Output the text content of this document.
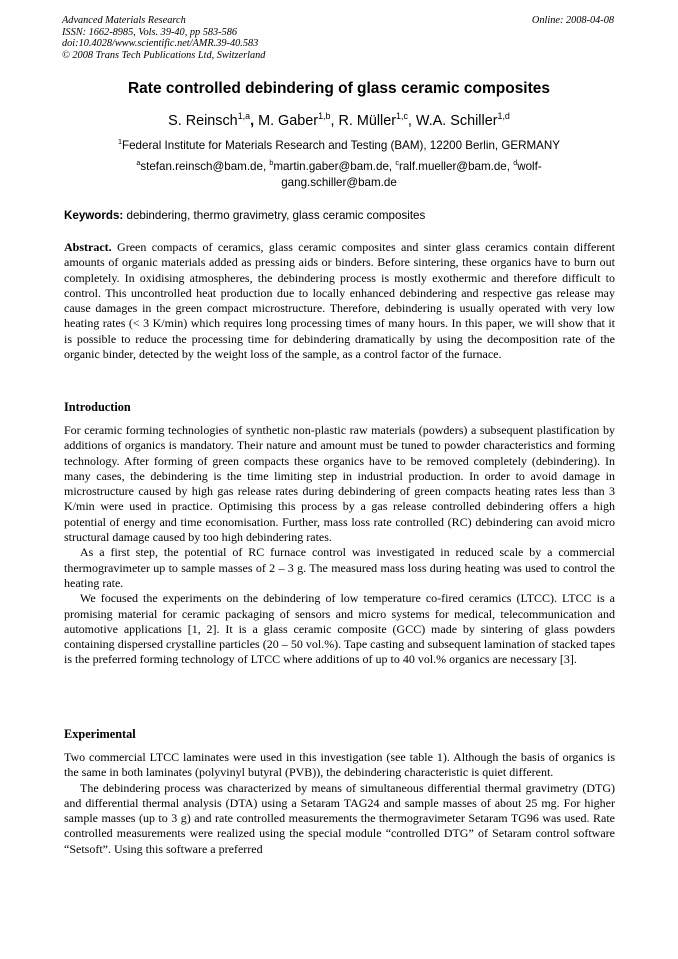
Advanced Materials Research
ISSN: 1662-8985, Vols. 39-40, pp 583-586
doi:10.4028/www.scientific.net/AMR.39-40.583
© 2008 Trans Tech Publications Ltd, Switzerland
Online: 2008-04-08
Rate controlled debindering of glass ceramic composites
S. Reinsch$^{1,a}$, M. Gaber$^{1,b}$, R. Müller$^{1,c}$, W.A. Schiller$^{1,d}$
$^1$Federal Institute for Materials Research and Testing (BAM), 12200 Berlin, GERMANY
$^a$stefan.reinsch@bam.de, $^b$martin.gaber@bam.de, $^c$ralf.mueller@bam.de, $^d$wolf-gang.schiller@bam.de
Keywords: debindering, thermo gravimetry, glass ceramic composites

Abstract. Green compacts of ceramics, glass ceramic composites and sinter glass ceramics contain different amounts of organic materials added as pressing aids or binders. Before sintering, these organics have to burn out completely. In oxidising atmospheres, the debindering process is mostly exothermic and therefore difficult to control. This uncontrolled heat production due to locally enhanced debindering and respective gas release may cause damages in the green compact microstructure. Therefore, debindering is usually operated with very low heating rates (< 3 K/min) which requires long processing times of many hours. In this paper, we will show that it is possible to reduce the processing time for debindering dramatically by using the decomposition rate of the organic binder, detected by the weight loss of the sample, as a control factor of the furnace.

Introduction

For ceramic forming technologies of synthetic non-plastic raw materials (powders) a subsequent plastification by additions of organics is mandatory. Their nature and amount must be tuned to powder characteristics and forming technology. After forming of green compacts these organics have to be removed completely (debindering). In many cases, the debindering is the time limiting step in industrial production. In order to avoid damage in microstructure caused by high gas release rates during debindering of green compacts heating rates less than 3 K/min were used in practice. Optimising this process by a gas release controlled debindering offers a high potential of energy and time economisation. Further, mass loss rate controlled (RC) debindering can avoid micro structural damage caused by too high debindering rates.

As a first step, the potential of RC furnace control was investigated in reduced scale by a commercial thermogravimeter up to sample masses of 2 – 3 g. The measured mass loss during heating was used to control the heating rate.

We focused the experiments on the debindering of low temperature co-fired ceramics (LTCC). LTCC is a promising material for ceramic packaging of sensors and micro systems for medical, telecommunication and automotive applications [1, 2]. It is a glass ceramic composite (GCC) made by sintering of glass powders containing dispersed crystalline particles (20 – 50 vol.%). Tape casting and subsequent lamination of stacked tapes is the preferred forming technology of LTCC where additions of up to 40 vol.% organics are necessary [3].

Experimental

Two commercial LTCC laminates were used in this investigation (see table 1). Although the basis of organics is the same in both laminates (polyvinyl butyral (PVB)), the debindering characteristic is quiet different.

The debindering process was characterized by means of simultaneous differential thermal gravimetry (DTG) and differential thermal analysis (DTA) using a Setaram TAG24 and sample masses of about 25 mg. For higher sample masses (up to 3 g) and rate controlled measurements the thermogravimeter Setaram TG96 was used. Rate controlled measurements were realized using the special module “controlled DTG” of Setaram control software “Setsoft”. Using this software a preferred
